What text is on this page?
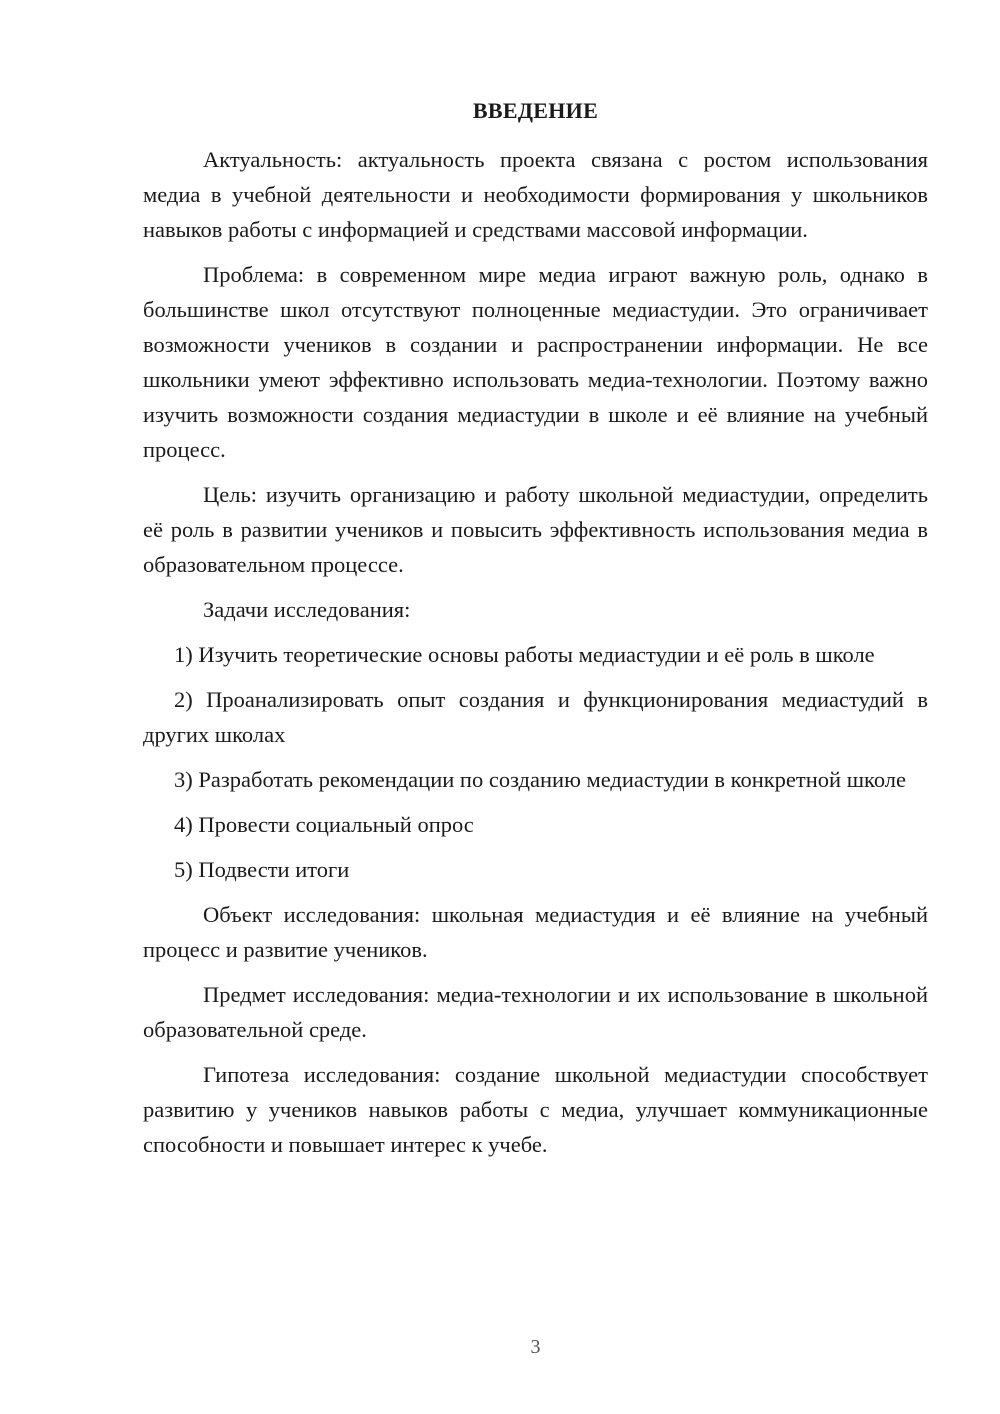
ВВЕДЕНИЕ

Актуальность: актуальность проекта связана с ростом использования медиа в учебной деятельности и необходимости формирования у школьников навыков работы с информацией и средствами массовой информации.

Проблема: в современном мире медиа играют важную роль, однако в большинстве школ отсутствуют полноценные медиастудии. Это ограничивает возможности учеников в создании и распространении информации. Не все школьники умеют эффективно использовать медиа-технологии. Поэтому важно изучить возможности создания медиастудии в школе и её влияние на учебный процесс.

Цель: изучить организацию и работу школьной медиастудии, определить её роль в развитии учеников и повысить эффективность использования медиа в образовательном процессе.

Задачи исследования:

1) Изучить теоретические основы работы медиастудии и её роль в школе

2) Проанализировать опыт создания и функционирования медиастудий в других школах

3) Разработать рекомендации по созданию медиастудии в конкретной школе

4) Провести социальный опрос

5) Подвести итоги

Объект исследования: школьная медиастудия и её влияние на учебный процесс и развитие учеников.

Предмет исследования: медиа-технологии и их использование в школьной образовательной среде.

Гипотеза исследования: создание школьной медиастудии способствует развитию у учеников навыков работы с медиа, улучшает коммуникационные способности и повышает интерес к учебе.

3
